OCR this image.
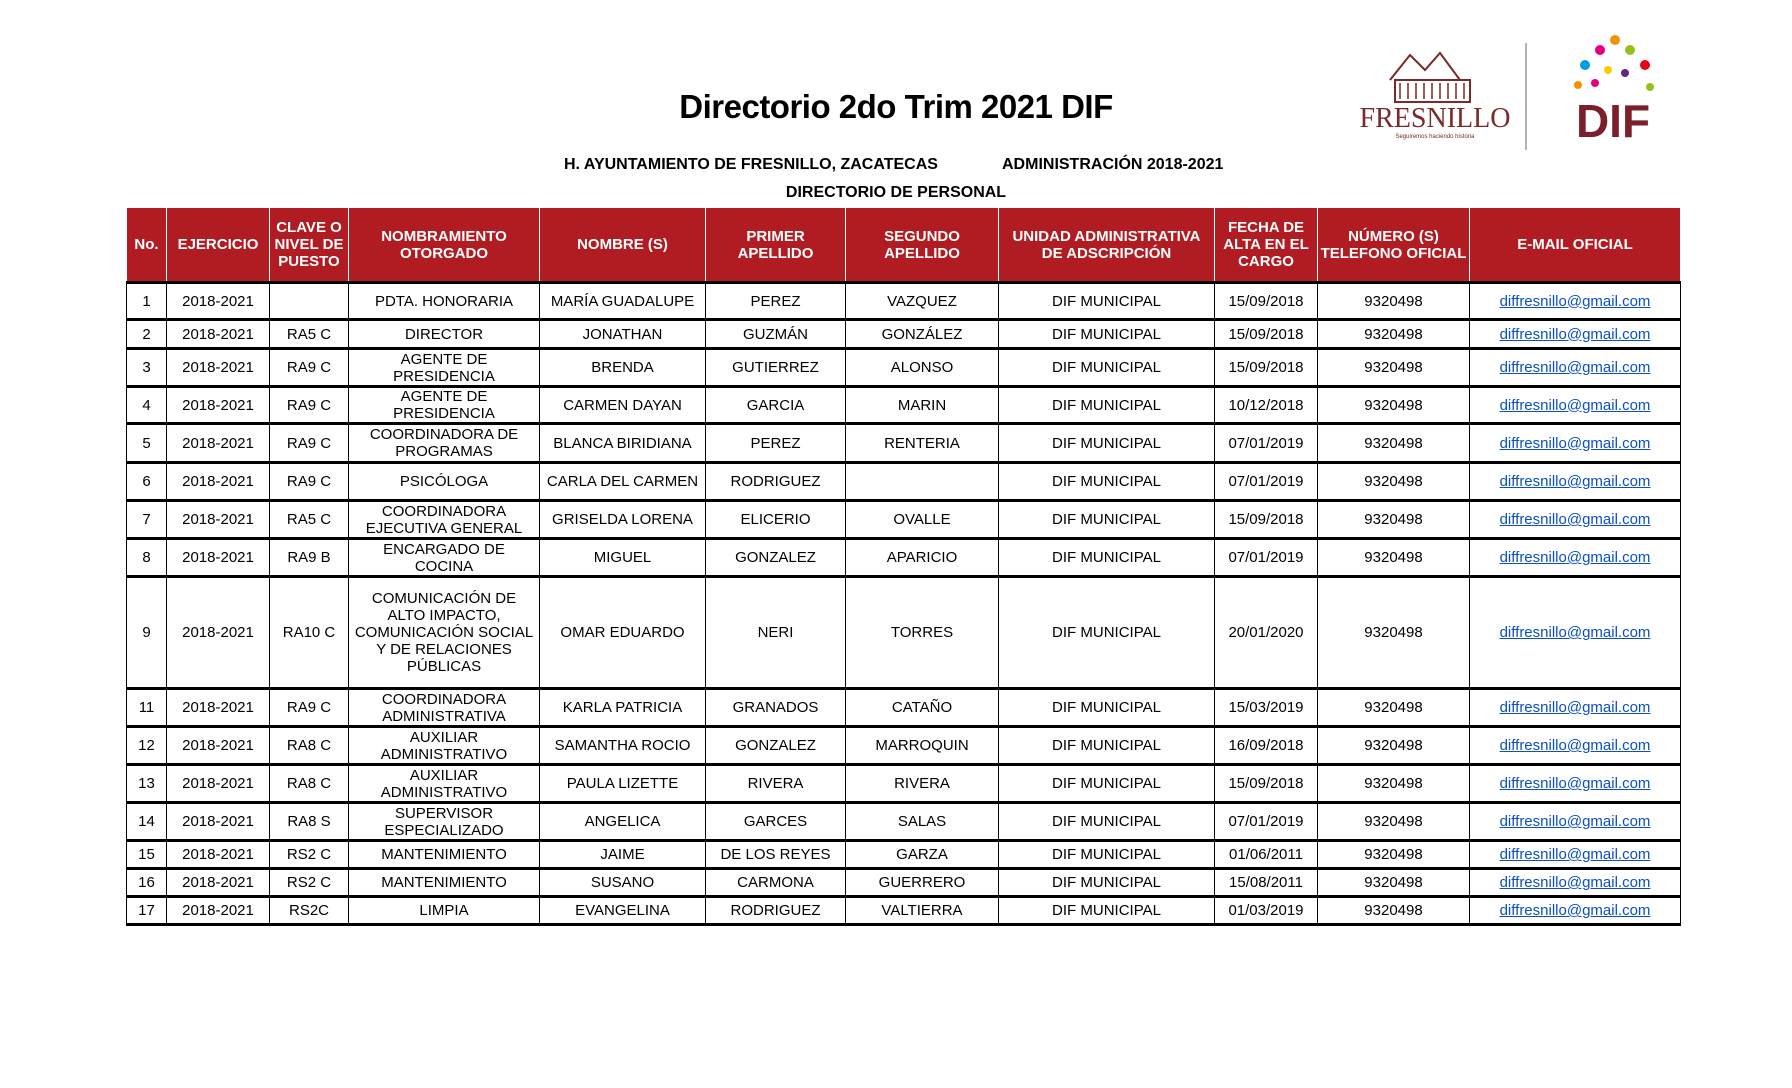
Directorio 2do Trim 2021 DIF
H. AYUNTAMIENTO DE FRESNILLO, ZACATECAS	ADMINISTRACIÓN 2018-2021
DIRECTORIO DE PERSONAL
FRESNILLO
Seguiremos haciendo historia DIF
No.	EJERCICIO	CLAVE O NIVEL DE PUESTO	NOMBRAMIENTO OTORGADO	NOMBRE (S)	PRIMER APELLIDO	SEGUNDO APELLIDO	UNIDAD ADMINISTRATIVA DE ADSCRIPCIÓN	FECHA DE ALTA EN EL CARGO	NÚMERO (S) TELEFONO OFICIAL	E-MAIL OFICIAL
1	2018-2021		PDTA. HONORARIA	MARÍA GUADALUPE	PEREZ	VAZQUEZ	DIF MUNICIPAL	15/09/2018	9320498	diffresnillo@gmail.com
2	2018-2021	RA5 C	DIRECTOR	JONATHAN	GUZMÁN	GONZÁLEZ	DIF MUNICIPAL	15/09/2018	9320498	diffresnillo@gmail.com
3	2018-2021	RA9 C	AGENTE DE PRESIDENCIA	BRENDA	GUTIERREZ	ALONSO	DIF MUNICIPAL	15/09/2018	9320498	diffresnillo@gmail.com
4	2018-2021	RA9 C	AGENTE DE PRESIDENCIA	CARMEN DAYAN	GARCIA	MARIN	DIF MUNICIPAL	10/12/2018	9320498	diffresnillo@gmail.com
5	2018-2021	RA9 C	COORDINADORA DE PROGRAMAS	BLANCA BIRIDIANA	PEREZ	RENTERIA	DIF MUNICIPAL	07/01/2019	9320498	diffresnillo@gmail.com
6	2018-2021	RA9 C	PSICÓLOGA	CARLA DEL CARMEN	RODRIGUEZ		DIF MUNICIPAL	07/01/2019	9320498	diffresnillo@gmail.com
7	2018-2021	RA5 C	COORDINADORA EJECUTIVA GENERAL	GRISELDA LORENA	ELICERIO	OVALLE	DIF MUNICIPAL	15/09/2018	9320498	diffresnillo@gmail.com
8	2018-2021	RA9 B	ENCARGADO DE COCINA	MIGUEL	GONZALEZ	APARICIO	DIF MUNICIPAL	07/01/2019	9320498	diffresnillo@gmail.com
9	2018-2021	RA10 C	COMUNICACIÓN DE ALTO IMPACTO, COMUNICACIÓN SOCIAL Y DE RELACIONES PÚBLICAS	OMAR EDUARDO	NERI	TORRES	DIF MUNICIPAL	20/01/2020	9320498	diffresnillo@gmail.com
11	2018-2021	RA9 C	COORDINADORA ADMINISTRATIVA	KARLA PATRICIA	GRANADOS	CATAÑO	DIF MUNICIPAL	15/03/2019	9320498	diffresnillo@gmail.com
12	2018-2021	RA8 C	AUXILIAR ADMINISTRATIVO	SAMANTHA ROCIO	GONZALEZ	MARROQUIN	DIF MUNICIPAL	16/09/2018	9320498	diffresnillo@gmail.com
13	2018-2021	RA8 C	AUXILIAR ADMINISTRATIVO	PAULA LIZETTE	RIVERA	RIVERA	DIF MUNICIPAL	15/09/2018	9320498	diffresnillo@gmail.com
14	2018-2021	RA8 S	SUPERVISOR ESPECIALIZADO	ANGELICA	GARCES	SALAS	DIF MUNICIPAL	07/01/2019	9320498	diffresnillo@gmail.com
15	2018-2021	RS2 C	MANTENIMIENTO	JAIME	DE LOS REYES	GARZA	DIF MUNICIPAL	01/06/2011	9320498	diffresnillo@gmail.com
16	2018-2021	RS2 C	MANTENIMIENTO	SUSANO	CARMONA	GUERRERO	DIF MUNICIPAL	15/08/2011	9320498	diffresnillo@gmail.com
17	2018-2021	RS2C	LIMPIA	EVANGELINA	RODRIGUEZ	VALTIERRA	DIF MUNICIPAL	01/03/2019	9320498	diffresnillo@gmail.com
